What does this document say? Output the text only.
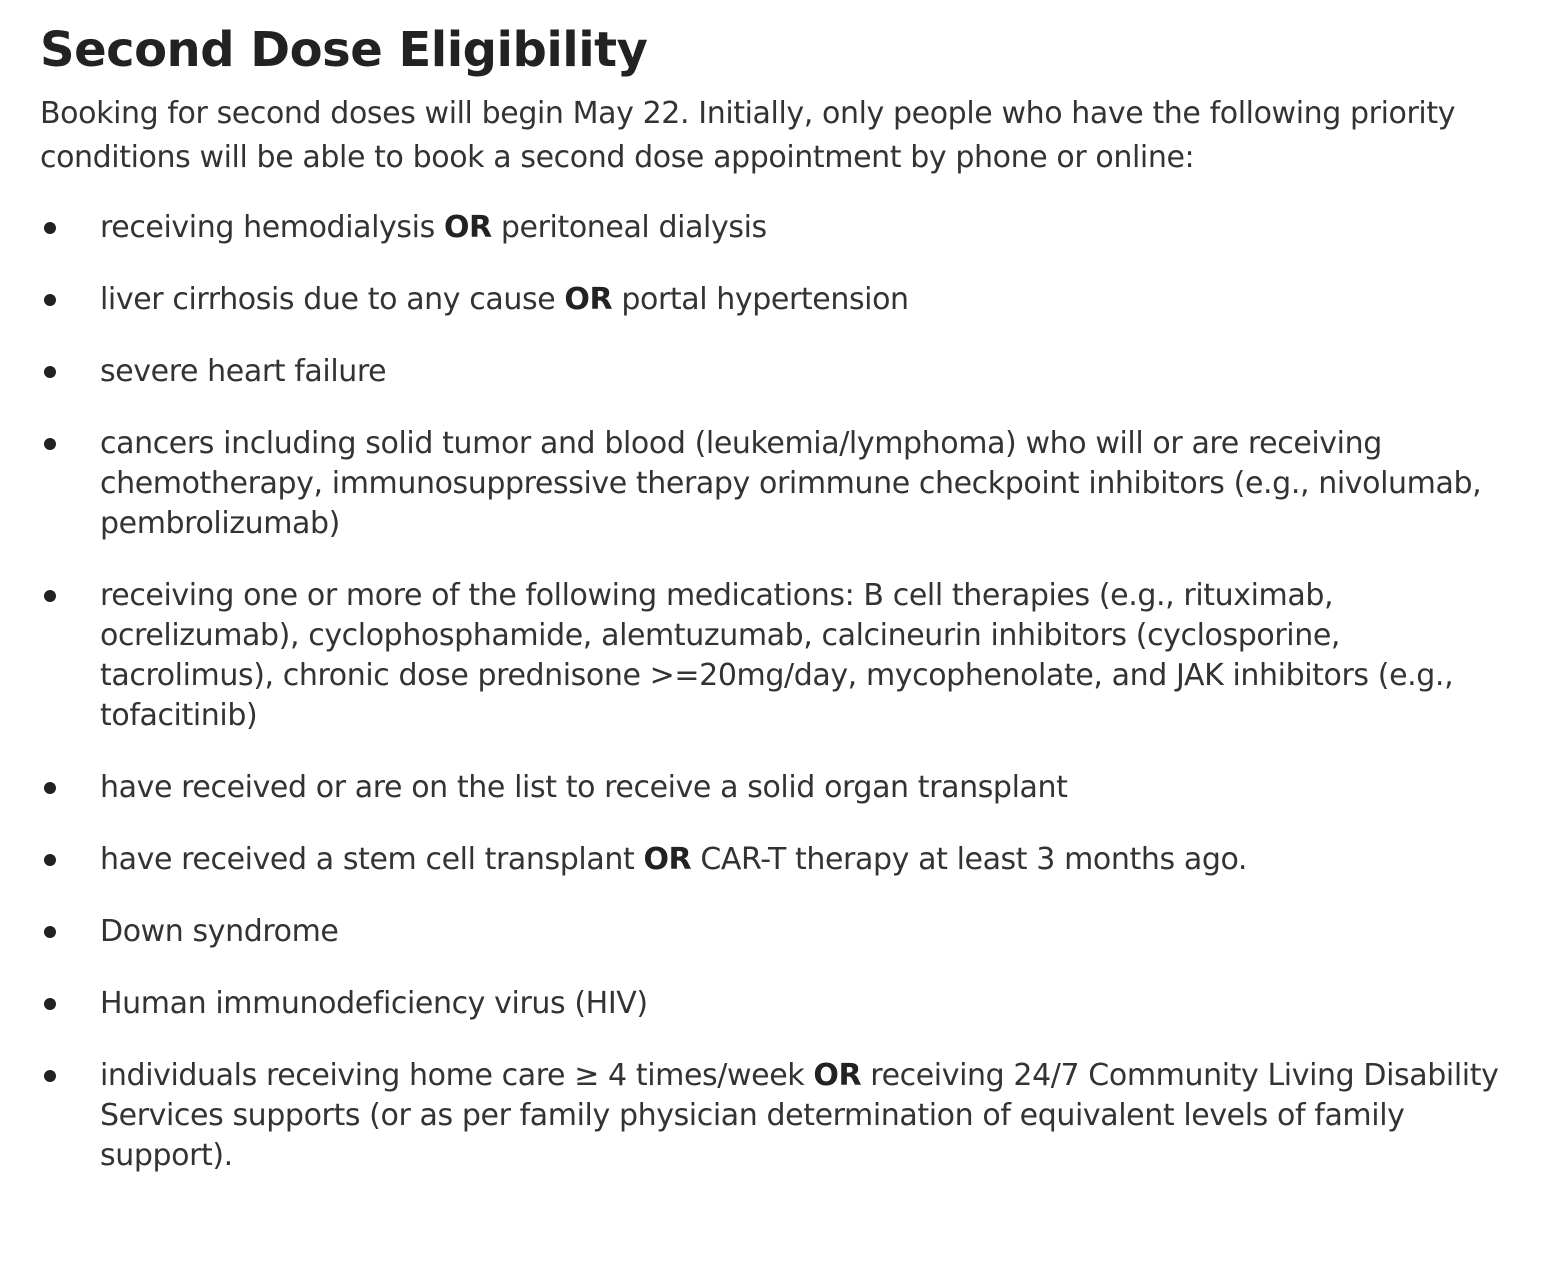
Second Dose Eligibility

Booking for second doses will begin May 22. Initially, only people who have the following priority conditions will be able to book a second dose appointment by phone or online:

receiving hemodialysis OR peritoneal dialysis
liver cirrhosis due to any cause OR portal hypertension
severe heart failure
cancers including solid tumor and blood (leukemia/lymphoma) who will or are receiving chemotherapy, immunosuppressive therapy orimmune checkpoint inhibitors (e.g., nivolumab, pembrolizumab)
receiving one or more of the following medications: B cell therapies (e.g., rituximab, ocrelizumab), cyclophosphamide, alemtuzumab, calcineurin inhibitors (cyclosporine, tacrolimus), chronic dose prednisone >=20mg/day, mycophenolate, and JAK inhibitors (e.g., tofacitinib)
have received or are on the list to receive a solid organ transplant
have received a stem cell transplant OR CAR-T therapy at least 3 months ago.
Down syndrome
Human immunodeficiency virus (HIV)
individuals receiving home care ≥ 4 times/week OR receiving 24/7 Community Living Disability Services supports (or as per family physician determination of equivalent levels of family support).
